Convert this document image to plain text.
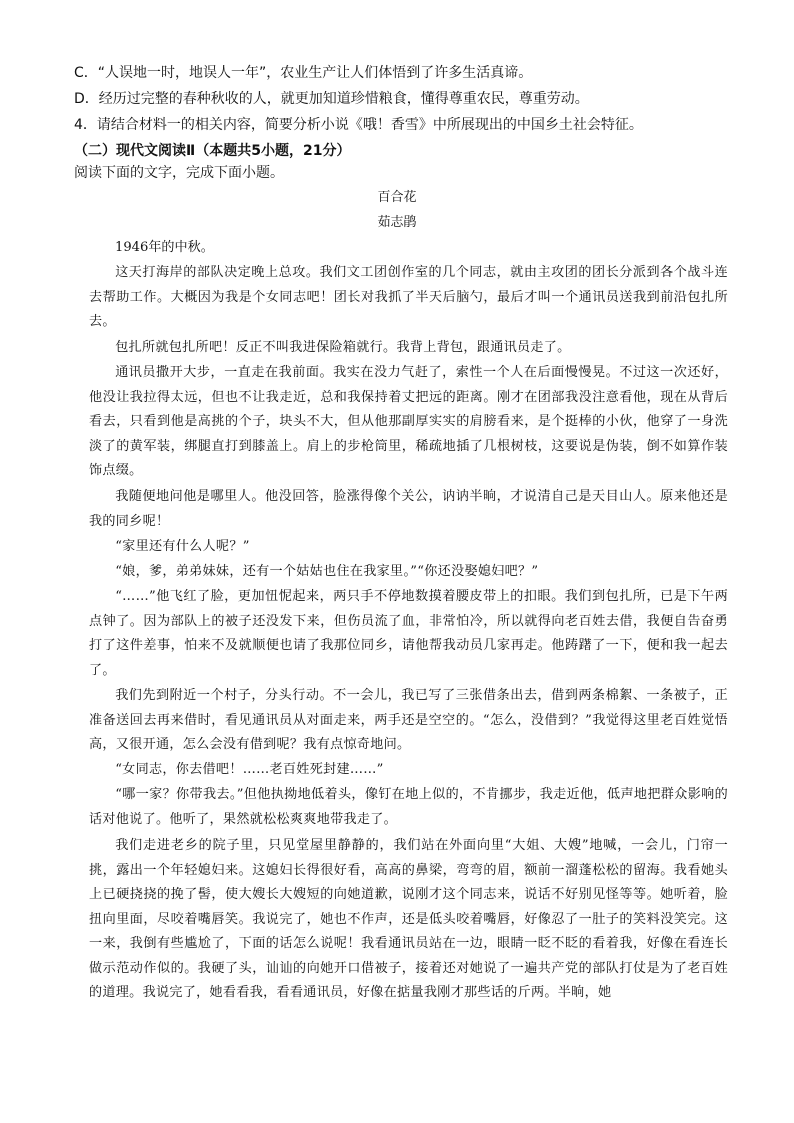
C．“人误地一时，地误人一年”，农业生产让人们体悟到了许多生活真谛。
D．经历过完整的春种秋收的人，就更加知道珍惜粮食，懂得尊重农民，尊重劳动。
4．请结合材料一的相关内容，简要分析小说《哦！香雪》中所展现出的中国乡土社会特征。
（二）现代文阅读Ⅱ（本题共5小题，21分）
阅读下面的文字，完成下面小题。
百合花
茹志鹃
1946年的中秋。
这天打海岸的部队决定晚上总攻。我们文工团创作室的几个同志，就由主攻团的团长分派到各个战斗连去帮助工作。大概因为我是个女同志吧！团长对我抓了半天后脑勺，最后才叫一个通讯员送我到前沿包扎所去。
包扎所就包扎所吧！反正不叫我进保险箱就行。我背上背包，跟通讯员走了。
通讯员撒开大步，一直走在我前面。我实在没力气赶了，索性一个人在后面慢慢晃。不过这一次还好，他没让我拉得太远，但也不让我走近，总和我保持着丈把远的距离。刚才在团部我没注意看他，现在从背后看去，只看到他是高挑的个子，块头不大，但从他那副厚实实的肩膀看来，是个挺棒的小伙，他穿了一身洗淡了的黄军装，绑腿直打到膝盖上。肩上的步枪筒里，稀疏地插了几根树枝，这要说是伪装，倒不如算作装饰点缀。
我随便地问他是哪里人。他没回答，脸涨得像个关公，讷讷半晌，才说清自己是天目山人。原来他还是我的同乡呢！
“家里还有什么人呢？”
“娘，爹，弟弟妹妹，还有一个姑姑也住在我家里。”“你还没娶媳妇吧？”
“……”他飞红了脸，更加忸怩起来，两只手不停地数摸着腰皮带上的扣眼。我们到包扎所，已是下午两点钟了。因为部队上的被子还没发下来，但伤员流了血，非常怕冷，所以就得向老百姓去借，我便自告奋勇打了这件差事，怕来不及就顺便也请了我那位同乡，请他帮我动员几家再走。他踌躇了一下，便和我一起去了。
我们先到附近一个村子，分头行动。不一会儿，我已写了三张借条出去，借到两条棉絮、一条被子，正准备送回去再来借时，看见通讯员从对面走来，两手还是空空的。“怎么，没借到？”我觉得这里老百姓觉悟高，又很开通，怎么会没有借到呢？我有点惊奇地问。
“女同志，你去借吧！……老百姓死封建……”
“哪一家？你带我去。”但他执拗地低着头，像钉在地上似的，不肯挪步，我走近他，低声地把群众影响的话对他说了。他听了，果然就松松爽爽地带我走了。
我们走进老乡的院子里，只见堂屋里静静的，我们站在外面向里“大姐、大嫂”地喊，一会儿，门帘一挑，露出一个年轻媳妇来。这媳妇长得很好看，高高的鼻梁，弯弯的眉，额前一溜蓬松松的留海。我看她头上已硬挠挠的挽了髻，使大嫂长大嫂短的向她道歉，说刚才这个同志来，说话不好别见怪等等。她听着，脸扭向里面，尽咬着嘴唇笑。我说完了，她也不作声，还是低头咬着嘴唇，好像忍了一肚子的笑料没笑完。这一来，我倒有些尴尬了，下面的话怎么说呢！我看通讯员站在一边，眼睛一眨不眨的看着我，好像在看连长做示范动作似的。我硬了头，讪讪的向她开口借被子，接着还对她说了一遍共产党的部队打仗是为了老百姓的道理。我说完了，她看看我，看看通讯员，好像在掂量我刚才那些话的斤两。半晌，她
